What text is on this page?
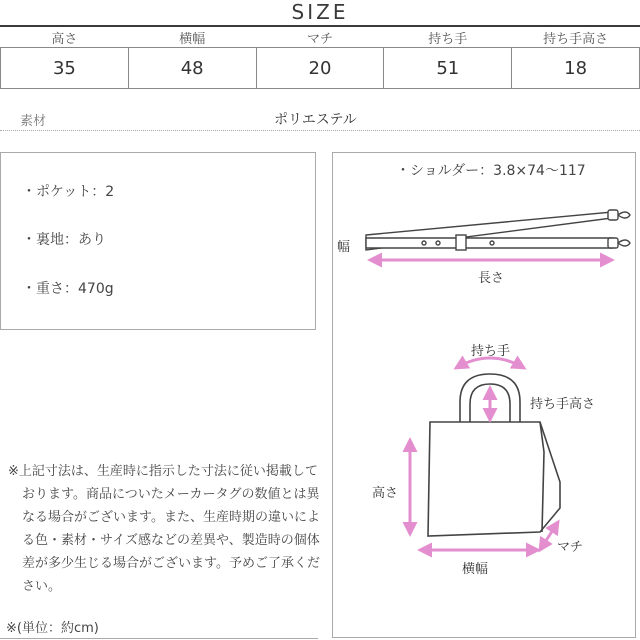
SIZE
高さ	横幅	マチ	持ち手	持ち手高さ
35	48	20	51	18
素材	ポリエステル
・ポケット：2
・裏地：あり
・重さ：470g

※上記寸法は、生産時に指示した寸法に従い掲載しております。商品についたメーカータグの数値とは異なる場合がございます。また、生産時期の違いによる色・素材・サイズ感などの差異や、製造時の個体差が多少生じる場合がございます。予めご了承ください。

※(単位：約cm)
・ショルダー：3.8×74〜117
幅
長さ
持ち手
持ち手高さ
高さ
マチ
横幅
